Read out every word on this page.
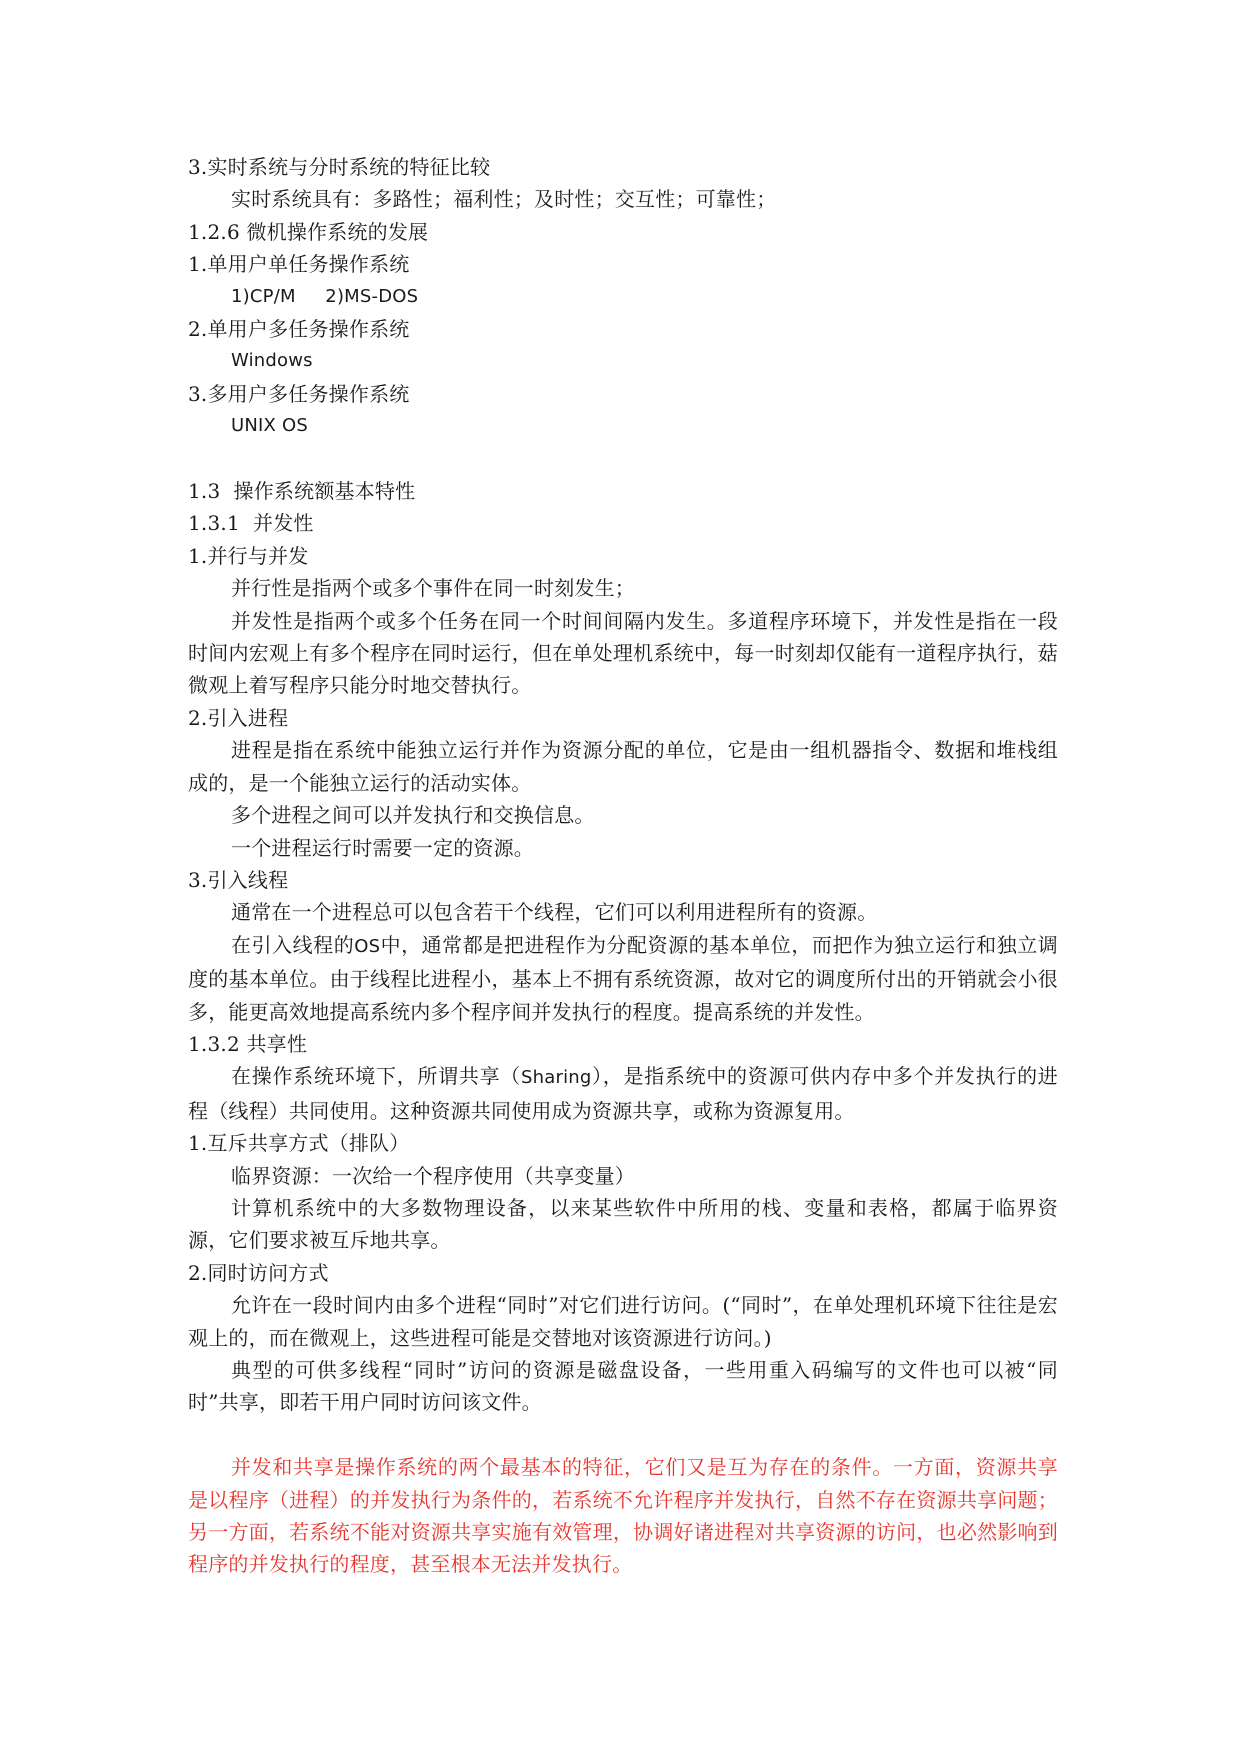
3.实时系统与分时系统的特征比较
实时系统具有：多路性；福利性；及时性；交互性；可靠性；
1.2.6 微机操作系统的发展
1.单用户单任务操作系统
1)CP/M     2)MS-DOS
2.单用户多任务操作系统
Windows
3.多用户多任务操作系统
UNIX OS
1.3  操作系统额基本特性
1.3.1  并发性
1.并行与并发
并行性是指两个或多个事件在同一时刻发生；
并发性是指两个或多个任务在同一个时间间隔内发生。多道程序环境下，并发性是指在一段时间内宏观上有多个程序在同时运行，但在单处理机系统中，每一时刻却仅能有一道程序执行，菇微观上着写程序只能分时地交替执行。
2.引入进程
进程是指在系统中能独立运行并作为资源分配的单位，它是由一组机器指令、数据和堆栈组成的，是一个能独立运行的活动实体。
多个进程之间可以并发执行和交换信息。
一个进程运行时需要一定的资源。
3.引入线程
通常在一个进程总可以包含若干个线程，它们可以利用进程所有的资源。
在引入线程的OS中，通常都是把进程作为分配资源的基本单位，而把作为独立运行和独立调度的基本单位。由于线程比进程小，基本上不拥有系统资源，故对它的调度所付出的开销就会小很多，能更高效地提高系统内多个程序间并发执行的程度。提高系统的并发性。
1.3.2 共享性
在操作系统环境下，所谓共享（Sharing），是指系统中的资源可供内存中多个并发执行的进程（线程）共同使用。这种资源共同使用成为资源共享，或称为资源复用。
1.互斥共享方式（排队）
临界资源：一次给一个程序使用（共享变量）
计算机系统中的大多数物理设备，以来某些软件中所用的栈、变量和表格，都属于临界资源，它们要求被互斥地共享。
2.同时访问方式
允许在一段时间内由多个进程“同时”对它们进行访问。(“同时”，在单处理机环境下往往是宏观上的，而在微观上，这些进程可能是交替地对该资源进行访问。)
典型的可供多线程“同时”访问的资源是磁盘设备，一些用重入码编写的文件也可以被“同时”共享，即若干用户同时访问该文件。
并发和共享是操作系统的两个最基本的特征，它们又是互为存在的条件。一方面，资源共享是以程序（进程）的并发执行为条件的，若系统不允许程序并发执行，自然不存在资源共享问题；另一方面，若系统不能对资源共享实施有效管理，协调好诸进程对共享资源的访问，也必然影响到程序的并发执行的程度，甚至根本无法并发执行。
